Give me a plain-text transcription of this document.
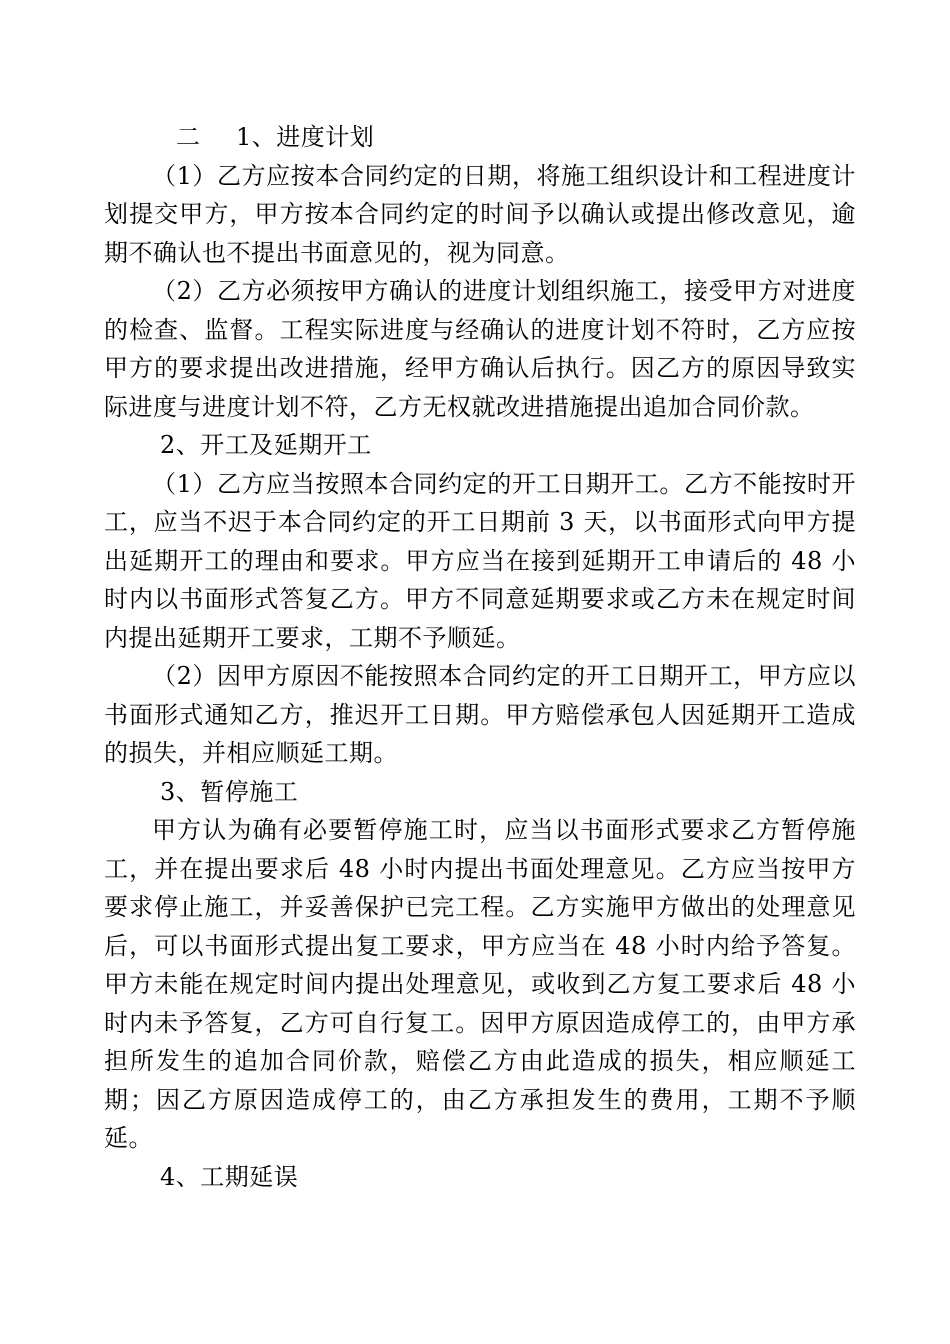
二 1、进度计划

（1）乙方应按本合同约定的日期，将施工组织设计和工程进度计划提交甲方，甲方按本合同约定的时间予以确认或提出修改意见，逾期不确认也不提出书面意见的，视为同意。

（2）乙方必须按甲方确认的进度计划组织施工，接受甲方对进度的检查、监督。工程实际进度与经确认的进度计划不符时，乙方应按甲方的要求提出改进措施，经甲方确认后执行。因乙方的原因导致实际进度与进度计划不符，乙方无权就改进措施提出追加合同价款。

2、开工及延期开工

（1）乙方应当按照本合同约定的开工日期开工。乙方不能按时开工，应当不迟于本合同约定的开工日期前 3 天，以书面形式向甲方提出延期开工的理由和要求。甲方应当在接到延期开工申请后的 48 小时内以书面形式答复乙方。甲方不同意延期要求或乙方未在规定时间内提出延期开工要求，工期不予顺延。

（2）因甲方原因不能按照本合同约定的开工日期开工，甲方应以书面形式通知乙方，推迟开工日期。甲方赔偿承包人因延期开工造成的损失，并相应顺延工期。

3、暂停施工

甲方认为确有必要暂停施工时，应当以书面形式要求乙方暂停施工，并在提出要求后 48 小时内提出书面处理意见。乙方应当按甲方要求停止施工，并妥善保护已完工程。乙方实施甲方做出的处理意见后，可以书面形式提出复工要求，甲方应当在 48 小时内给予答复。甲方未能在规定时间内提出处理意见，或收到乙方复工要求后 48 小时内未予答复，乙方可自行复工。因甲方原因造成停工的，由甲方承担所发生的追加合同价款，赔偿乙方由此造成的损失，相应顺延工期；因乙方原因造成停工的，由乙方承担发生的费用，工期不予顺延。

4、工期延误
